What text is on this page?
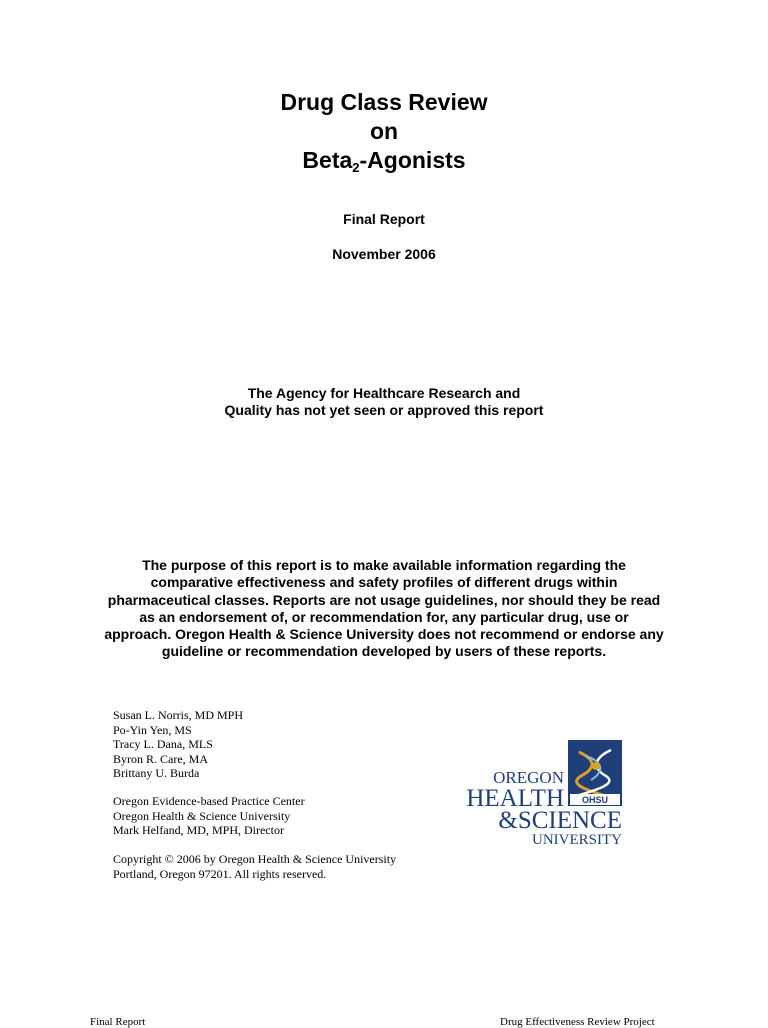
Drug Class Review
on
Beta$_2$-Agonists
Final Report
November 2006
The Agency for Healthcare Research and
Quality has not yet seen or approved this report
The purpose of this report is to make available information regarding the comparative effectiveness and safety profiles of different drugs within pharmaceutical classes. Reports are not usage guidelines, nor should they be read as an endorsement of, or recommendation for, any particular drug, use or approach. Oregon Health & Science University does not recommend or endorse any guideline or recommendation developed by users of these reports.
Susan L. Norris, MD MPH
Po-Yin Yen, MS
Tracy L. Dana, MLS
Byron R. Care, MA
Brittany U. Burda
Oregon Evidence-based Practice Center
Oregon Health & Science University
Mark Helfand, MD, MPH, Director
Copyright © 2006 by Oregon Health & Science University
Portland, Oregon 97201. All rights reserved.
OHSU
OREGON
HEALTH
&SCIENCE
UNIVERSITY
Final Report	Drug Effectiveness Review Project
